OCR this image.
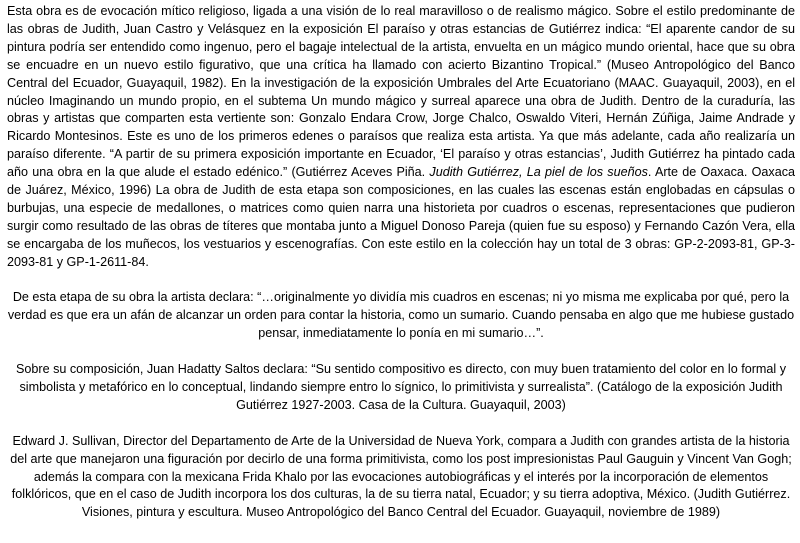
Esta obra es de evocación mítico religioso, ligada a una visión de lo real maravilloso o de realismo mágico. Sobre el estilo predominante de las obras de Judith, Juan Castro y Velásquez en la exposición El paraíso y otras estancias de Gutiérrez indica: “El aparente candor de su pintura podría ser entendido como ingenuo, pero el bagaje intelectual de la artista, envuelta en un mágico mundo oriental, hace que su obra se encuadre en un nuevo estilo figurativo, que una crítica ha llamado con acierto Bizantino Tropical.” (Museo Antropológico del Banco Central del Ecuador, Guayaquil, 1982). En la investigación de la exposición Umbrales del Arte Ecuatoriano (MAAC. Guayaquil, 2003), en el núcleo Imaginando un mundo propio, en el subtema Un mundo mágico y surreal aparece una obra de Judith. Dentro de la curaduría, las obras y artistas que comparten esta vertiente son: Gonzalo Endara Crow, Jorge Chalco, Oswaldo Viteri, Hernán Zúñiga, Jaime Andrade y Ricardo Montesinos. Este es uno de los primeros edenes o paraísos que realiza esta artista. Ya que más adelante, cada año realizaría un paraíso diferente. “A partir de su primera exposición importante en Ecuador, ‘El paraíso y otras estancias’, Judith Gutiérrez ha pintado cada año una obra en la que alude el estado edénico.” (Gutiérrez Aceves Piña. Judith Gutiérrez, La piel de los sueños. Arte de Oaxaca. Oaxaca de Juárez, México, 1996) La obra de Judith de esta etapa son composiciones, en las cuales las escenas están englobadas en cápsulas o burbujas, una especie de medallones, o matrices como quien narra una historieta por cuadros o escenas, representaciones que pudieron surgir como resultado de las obras de títeres que montaba junto a Miguel Donoso Pareja (quien fue su esposo) y Fernando Cazón Vera, ella se encargaba de los muñecos, los vestuarios y escenografías. Con este estilo en la colección hay un total de 3 obras: GP-2-2093-81, GP-3-2093-81 y GP-1-2611-84.

De esta etapa de su obra la artista declara: “…originalmente yo dividía mis cuadros en escenas; ni yo misma me explicaba por qué, pero la verdad es que era un afán de alcanzar un orden para contar la historia, como un sumario. Cuando pensaba en algo que me hubiese gustado pensar, inmediatamente lo ponía en mi sumario…”.

Sobre su composición, Juan Hadatty Saltos declara: “Su sentido compositivo es directo, con muy buen tratamiento del color en lo formal y simbolista y metafórico en lo conceptual, lindando siempre entro lo sígnico, lo primitivista y surrealista”. (Catálogo de la exposición Judith Gutiérrez 1927-2003. Casa de la Cultura. Guayaquil, 2003)

Edward J. Sullivan, Director del Departamento de Arte de la Universidad de Nueva York, compara a Judith con grandes artista de la historia del arte que manejaron una figuración por decirlo de una forma primitivista, como los post impresionistas Paul Gauguin y Vincent Van Gogh; además la compara con la mexicana Frida Khalo por las evocaciones autobiográficas y el interés por la incorporación de elementos folklóricos, que en el caso de Judith incorpora los dos culturas, la de su tierra natal, Ecuador; y su tierra adoptiva, México. (Judith Gutiérrez. Visiones, pintura y escultura. Museo Antropológico del Banco Central del Ecuador. Guayaquil, noviembre de 1989)
